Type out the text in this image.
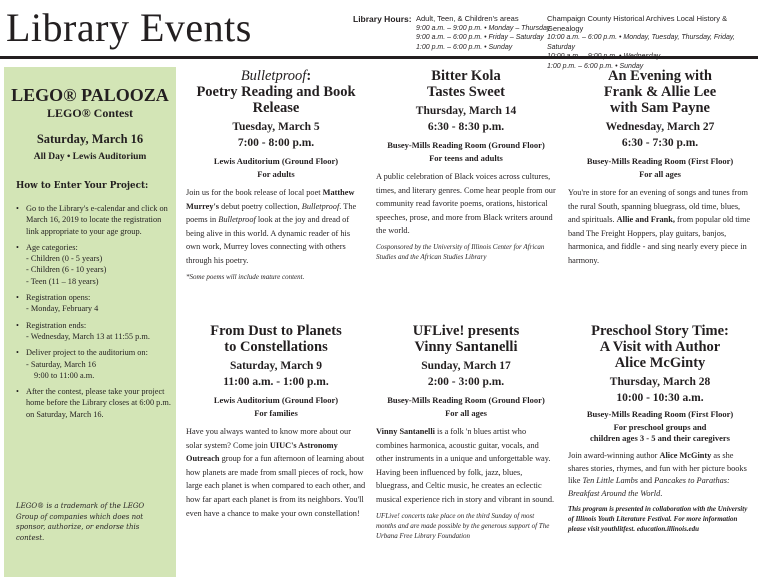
Library Events	Library Hours: Adult, Teen, & Children's areas
9:00 a.m. – 9:00 p.m. • Monday – Thursday
9:00 a.m. – 6:00 p.m. • Friday – Saturday
1:00 p.m. – 6:00 p.m. • Sunday
Champaign County Historical Archives Local History & Genealogy
10:00 a.m. – 6:00 p.m. • Monday, Tuesday, Thursday, Friday, Saturday
1:00 p.m. – 6:00 p.m. • Sunday
LEGO® PALOOZA
LEGO® Contest
Saturday, March 16
All Day • Lewis Auditorium
How to Enter Your Project:
• Go to the Library's e-calendar and click on March 16, 2019 to locate the registration link appropriate to your age group.
• Age categories:
- Children (0 - 5 years)
- Children (6 - 10 years)
- Teen (11 – 18 years)
• Registration opens:
- Monday, February 4
• Registration ends:
- Wednesday, March 13 at 11:55 p.m.
• Deliver project to the auditorium on:
- Saturday, March 16
9:00 to 11:00 a.m.
• After the contest, please take your project home before the Library closes at 6:00 p.m. on Saturday, March 16.
LEGO® is a trademark of the LEGO Group of companies which does not sponsor, authorize, or endorse this contest.
Bulletproof:
Poetry Reading and Book Release
Tuesday, March 5
7:00 - 8:00 p.m.
Lewis Auditorium (Ground Floor)
For adults
Join us for the book release of local poet Matthew Murrey's debut poetry collection, Bulletproof. The poems in Bulletproof look at the joy and dread of being alive in this world. A dynamic reader of his own work, Murrey loves connecting with others through his poetry.
*Some poems will include mature content.
From Dust to Planets
to Constellations
Saturday, March 9
11:00 a.m. - 1:00 p.m.
Lewis Auditorium (Ground Floor)
For families
Have you always wanted to know more about our solar system? Come join UIUC's Astronomy Outreach group for a fun afternoon of learning about how planets are made from small pieces of rock, how large each planet is when compared to each other, and how far apart each planet is from its neighbors. You'll even have a chance to make your own constellation!
Bitter Kola
Tastes Sweet
Thursday, March 14
6:30 - 8:30 p.m.
Busey-Mills Reading Room (Ground Floor)
For teens and adults
A public celebration of Black voices across cultures, times, and literary genres. Come hear people from our community read favorite poems, orations, historical speeches, prose, and more from Black writers around the world.
Cosponsored by the University of Illinois Center for African Studies and the African Studies Library
UFLive! presents
Vinny Santanelli
Sunday, March 17
2:00 - 3:00 p.m.
Busey-Mills Reading Room (Ground Floor)
For all ages
Vinny Santanelli is a folk 'n blues artist who combines harmonica, acoustic guitar, vocals, and other instruments in a unique and unforgettable way. Having been influenced by folk, jazz, blues, bluegrass, and Celtic music, he creates an eclectic musical experience rich in story and vibrant in sound.
UFLive! concerts take place on the third Sunday of most months and are made possible by the generous support of The Urbana Free Library Foundation
An Evening with
Frank & Allie Lee
with Sam Payne
Wednesday, March 27
6:30 - 7:30 p.m.
Busey-Mills Reading Room (First Floor)
For all ages
You're in store for an evening of songs and tunes from the rural South, spanning bluegrass, old time, blues, and spirituals. Allie and Frank, from popular old time band The Freight Hoppers, play guitars, banjos, harmonica, and fiddle - and sing nearly every piece in harmony.
Preschool Story Time:
A Visit with Author
Alice McGinty
Thursday, March 28
10:00 - 10:30 a.m.
Busey-Mills Reading Room (First Floor)
For preschool groups and
children ages 3 - 5 and their caregivers
Join award-winning author Alice McGinty as she shares stories, rhymes, and fun with her picture books like Ten Little Lambs and Pancakes to Parathas: Breakfast Around the World.
This program is presented in collaboration with the University of Illinois Youth Literature Festival. For more information please visit youthlitfest. education.illinois.edu
